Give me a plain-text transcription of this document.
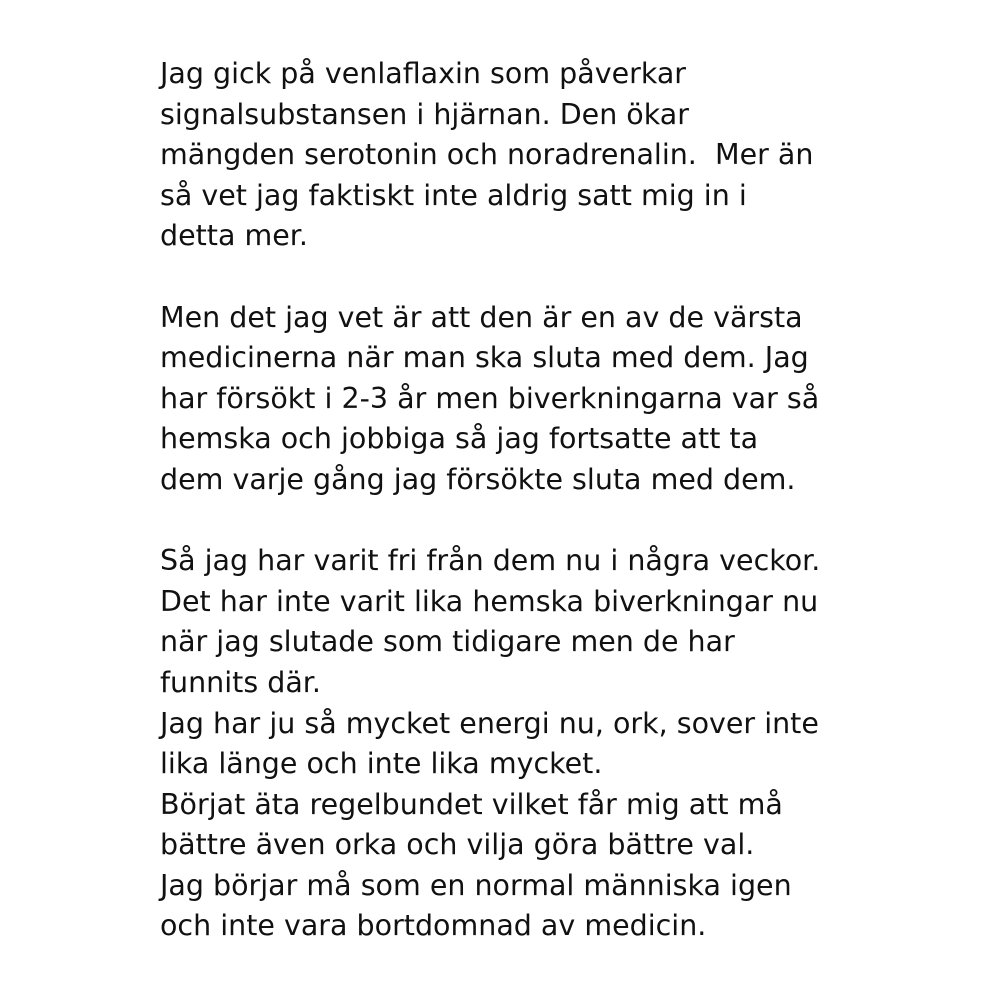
Jag gick på venlaflaxin som påverkar
signalsubstansen i hjärnan. Den ökar
mängden serotonin och noradrenalin.  Mer än
så vet jag faktiskt inte aldrig satt mig in i
detta mer.
Men det jag vet är att den är en av de värsta
medicinerna när man ska sluta med dem. Jag
har försökt i 2-3 år men biverkningarna var så
hemska och jobbiga så jag fortsatte att ta
dem varje gång jag försökte sluta med dem.
Så jag har varit fri från dem nu i några veckor.
Det har inte varit lika hemska biverkningar nu
när jag slutade som tidigare men de har
funnits där.
Jag har ju så mycket energi nu, ork, sover inte
lika länge och inte lika mycket.
Börjat äta regelbundet vilket får mig att må
bättre även orka och vilja göra bättre val.
Jag börjar må som en normal människa igen
och inte vara bortdomnad av medicin.
